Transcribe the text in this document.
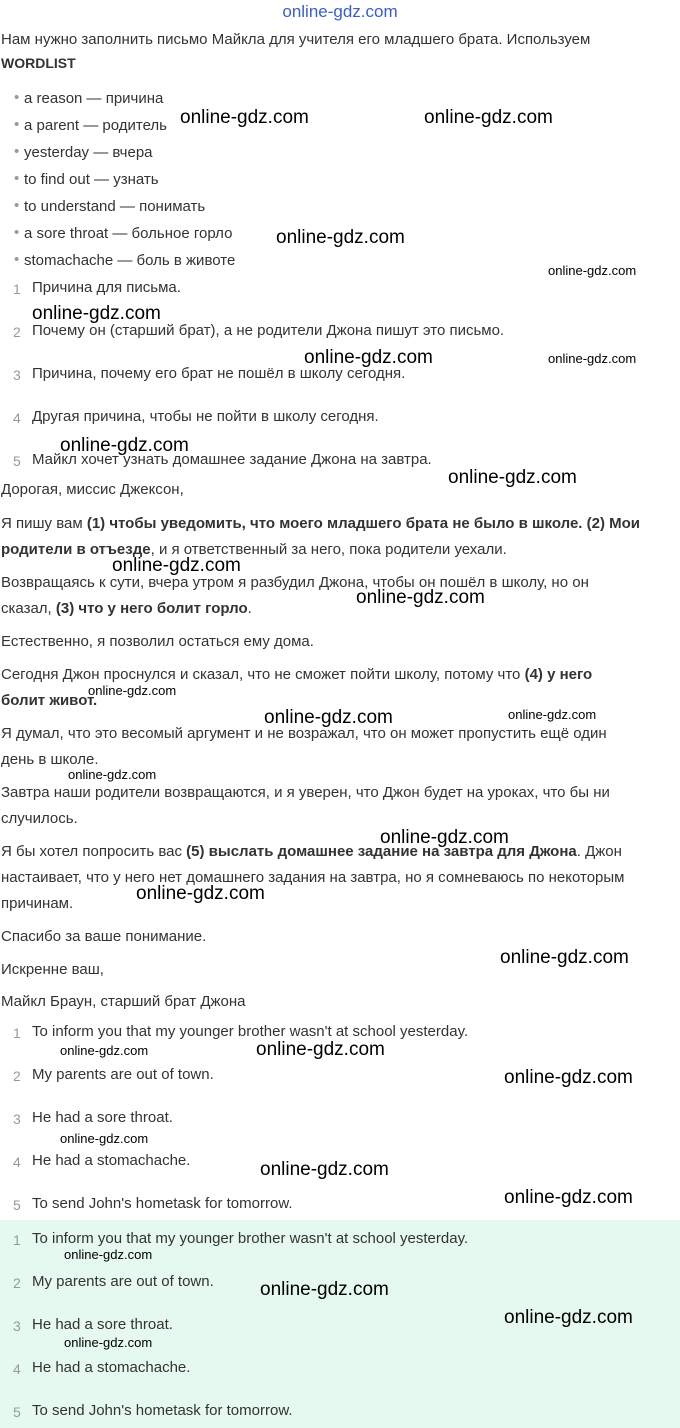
online-gdz.com

Нам нужно заполнить письмо Майкла для учителя его младшего брата. Используем

WORDLIST
• a reason — причина
• a parent — родитель
• yesterday — вчера
• to find out — узнать
• to understand — понимать
• a sore throat — больное горло
• stomachache — боль в животе
1 Причина для письма.
2 Почему он (старший брат), а не родители Джона пишут это письмо.
3 Причина, почему его брат не пошёл в школу сегодня.
4 Другая причина, чтобы не пойти в школу сегодня.
5 Майкл хочет узнать домашнее задание Джона на завтра.
Дорогая, миссис Джексон,

Я пишу вам (1) чтобы уведомить, что моего младшего брата не было в школе. (2) Мои

родители в отъезде, и я ответственный за него, пока родители уехали.

Возвращаясь к сути, вчера утром я разбудил Джона, чтобы он пошёл в школу, но он

сказал, (3) что у него болит горло.

Естественно, я позволил остаться ему дома.

Сегодня Джон проснулся и сказал, что не сможет пойти школу, потому что (4) у него

болит живот.

Я думал, что это весомый аргумент и не возражал, что он может пропустить ещё один

день в школе.

Завтра наши родители возвращаются, и я уверен, что Джон будет на уроках, что бы ни

случилось.

Я бы хотел попросить вас (5) выслать домашнее задание на завтра для Джона. Джон

настаивает, что у него нет домашнего задания на завтра, но я сомневаюсь по некоторым

причинам.

Спасибо за ваше понимание.
Искренне ваш,
Майкл Браун, старший брат Джона
1 To inform you that my younger brother wasn't at school yesterday.
2 My parents are out of town.
3 He had a sore throat.
4 He had a stomachache.
5 To send John's hometask for tomorrow.
1 To inform you that my younger brother wasn't at school yesterday.
2 My parents are out of town.
3 He had a sore throat.
4 He had a stomachache.
5 To send John's hometask for tomorrow.
online-gdz.com	online-gdz.com
online-gdz.com
online-gdz.com
online-gdz.com
online-gdz.com	online-gdz.com
online-gdz.com
online-gdz.com
online-gdz.com
online-gdz.com
online-gdz.com
online-gdz.com	online-gdz.com
online-gdz.com
online-gdz.com
online-gdz.com
online-gdz.com
online-gdz.com	online-gdz.com
online-gdz.com
online-gdz.com
online-gdz.com
online-gdz.com
online-gdz.com
online-gdz.com
online-gdz.com
online-gdz.com
